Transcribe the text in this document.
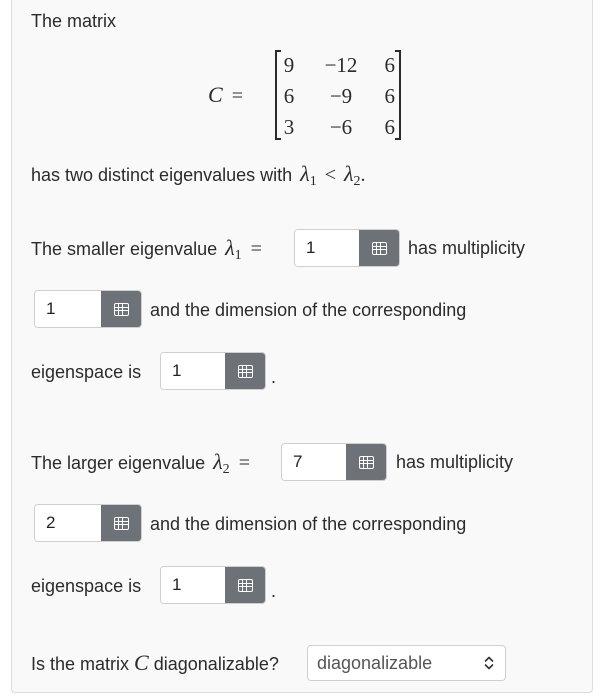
The matrix
C =
9 −12	6
6	−9	6
3	−6	6
has two distinct eigenvalues with $\lambda_1 < \lambda_2$.
The smaller eigenvalue $\lambda_1$ =
1	has multiplicity
1
and the dimension of the corresponding
eigenspace is
1	.
The larger eigenvalue $\lambda_2$ =
7	has multiplicity
2
and the dimension of the corresponding
eigenspace is
1	.
Is the matrix C diagonalizable? diagonalizable
